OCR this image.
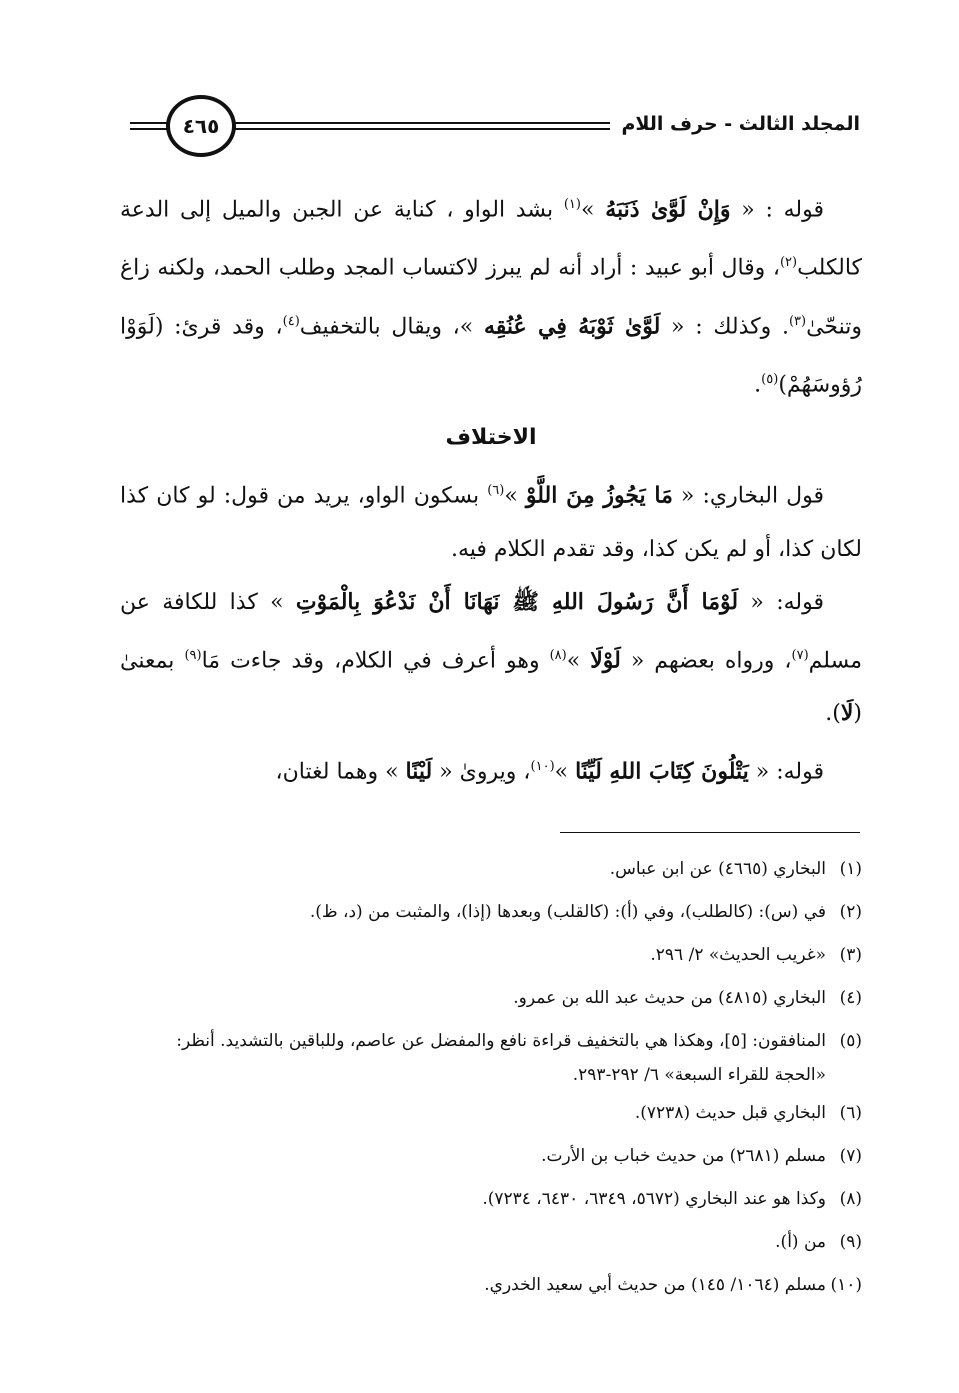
المجلد الثالث - حرف اللام
٤٦٥

قوله : « وَإِنْ لَوَّىٰ ذَنَبَهُ »$^{(١)}$ بشد الواو ، كناية عن الجبن والميل إلى الدعة كالكلب$^{(٢)}$، وقال أبو عبيد : أراد أنه لم يبرز لاكتساب المجد وطلب الحمد، ولكنه زاغ وتنحّىٰ$^{(٣)}$. وكذلك : « لَوَّىٰ ثَوْبَهُ فِي عُنُقِه »، ويقال بالتخفيف$^{(٤)}$، وقد قرئ: (لَوَوْا رُؤوسَهُمْ)$^{(٥)}$.

الاختلاف

قول البخاري: « مَا يَجُوزُ مِنَ اللَّوْ »$^{(٦)}$ بسكون الواو، يريد من قول: لو كان كذا لكان كذا، أو لم يكن كذا، وقد تقدم الكلام فيه.

قوله: « لَوْمَا أَنَّ رَسُولَ اللهِ ﷺ نَهَانَا أَنْ نَدْعُوَ بِالْمَوْتِ » كذا للكافة عن مسلم$^{(٧)}$، ورواه بعضهم « لَوْلَا »$^{(٨)}$ وهو أعرف في الكلام، وقد جاءت مَا$^{(٩)}$ بمعنىٰ (لَا).

قوله: « يَتْلُونَ كِتَابَ اللهِ لَيِّنًا »$^{(١٠)}$، ويروىٰ « لَيْنًا » وهما لغتان،

(١)
البخاري (٤٦٦٥) عن ابن عباس.
(٢)
في (س): (كالطلب)، وفي (أ): (كالقلب) وبعدها (إذا)، والمثبت من (د، ظ).
(٣)
«غريب الحديث» ٢/ ٢٩٦.
(٤)
البخاري (٤٨١٥) من حديث عبد الله بن عمرو.
(٥)
المنافقون: [٥]، وهكذا هي بالتخفيف قراءة نافع والمفضل عن عاصم، وللباقين بالتشديد. أنظر: «الحجة للقراء السبعة» ٦/ ٢٩٢-٢٩٣.
(٦)
البخاري قبل حديث (٧٢٣٨).
(٧)
مسلم (٢٦٨١) من حديث خباب بن الأرت.
(٨)
وكذا هو عند البخاري (٥٦٧٢، ٦٣٤٩، ٦٤٣٠، ٧٢٣٤).
(٩)
من (أ).
(١٠)
مسلم (١٠٦٤/ ١٤٥) من حديث أبي سعيد الخدري.
